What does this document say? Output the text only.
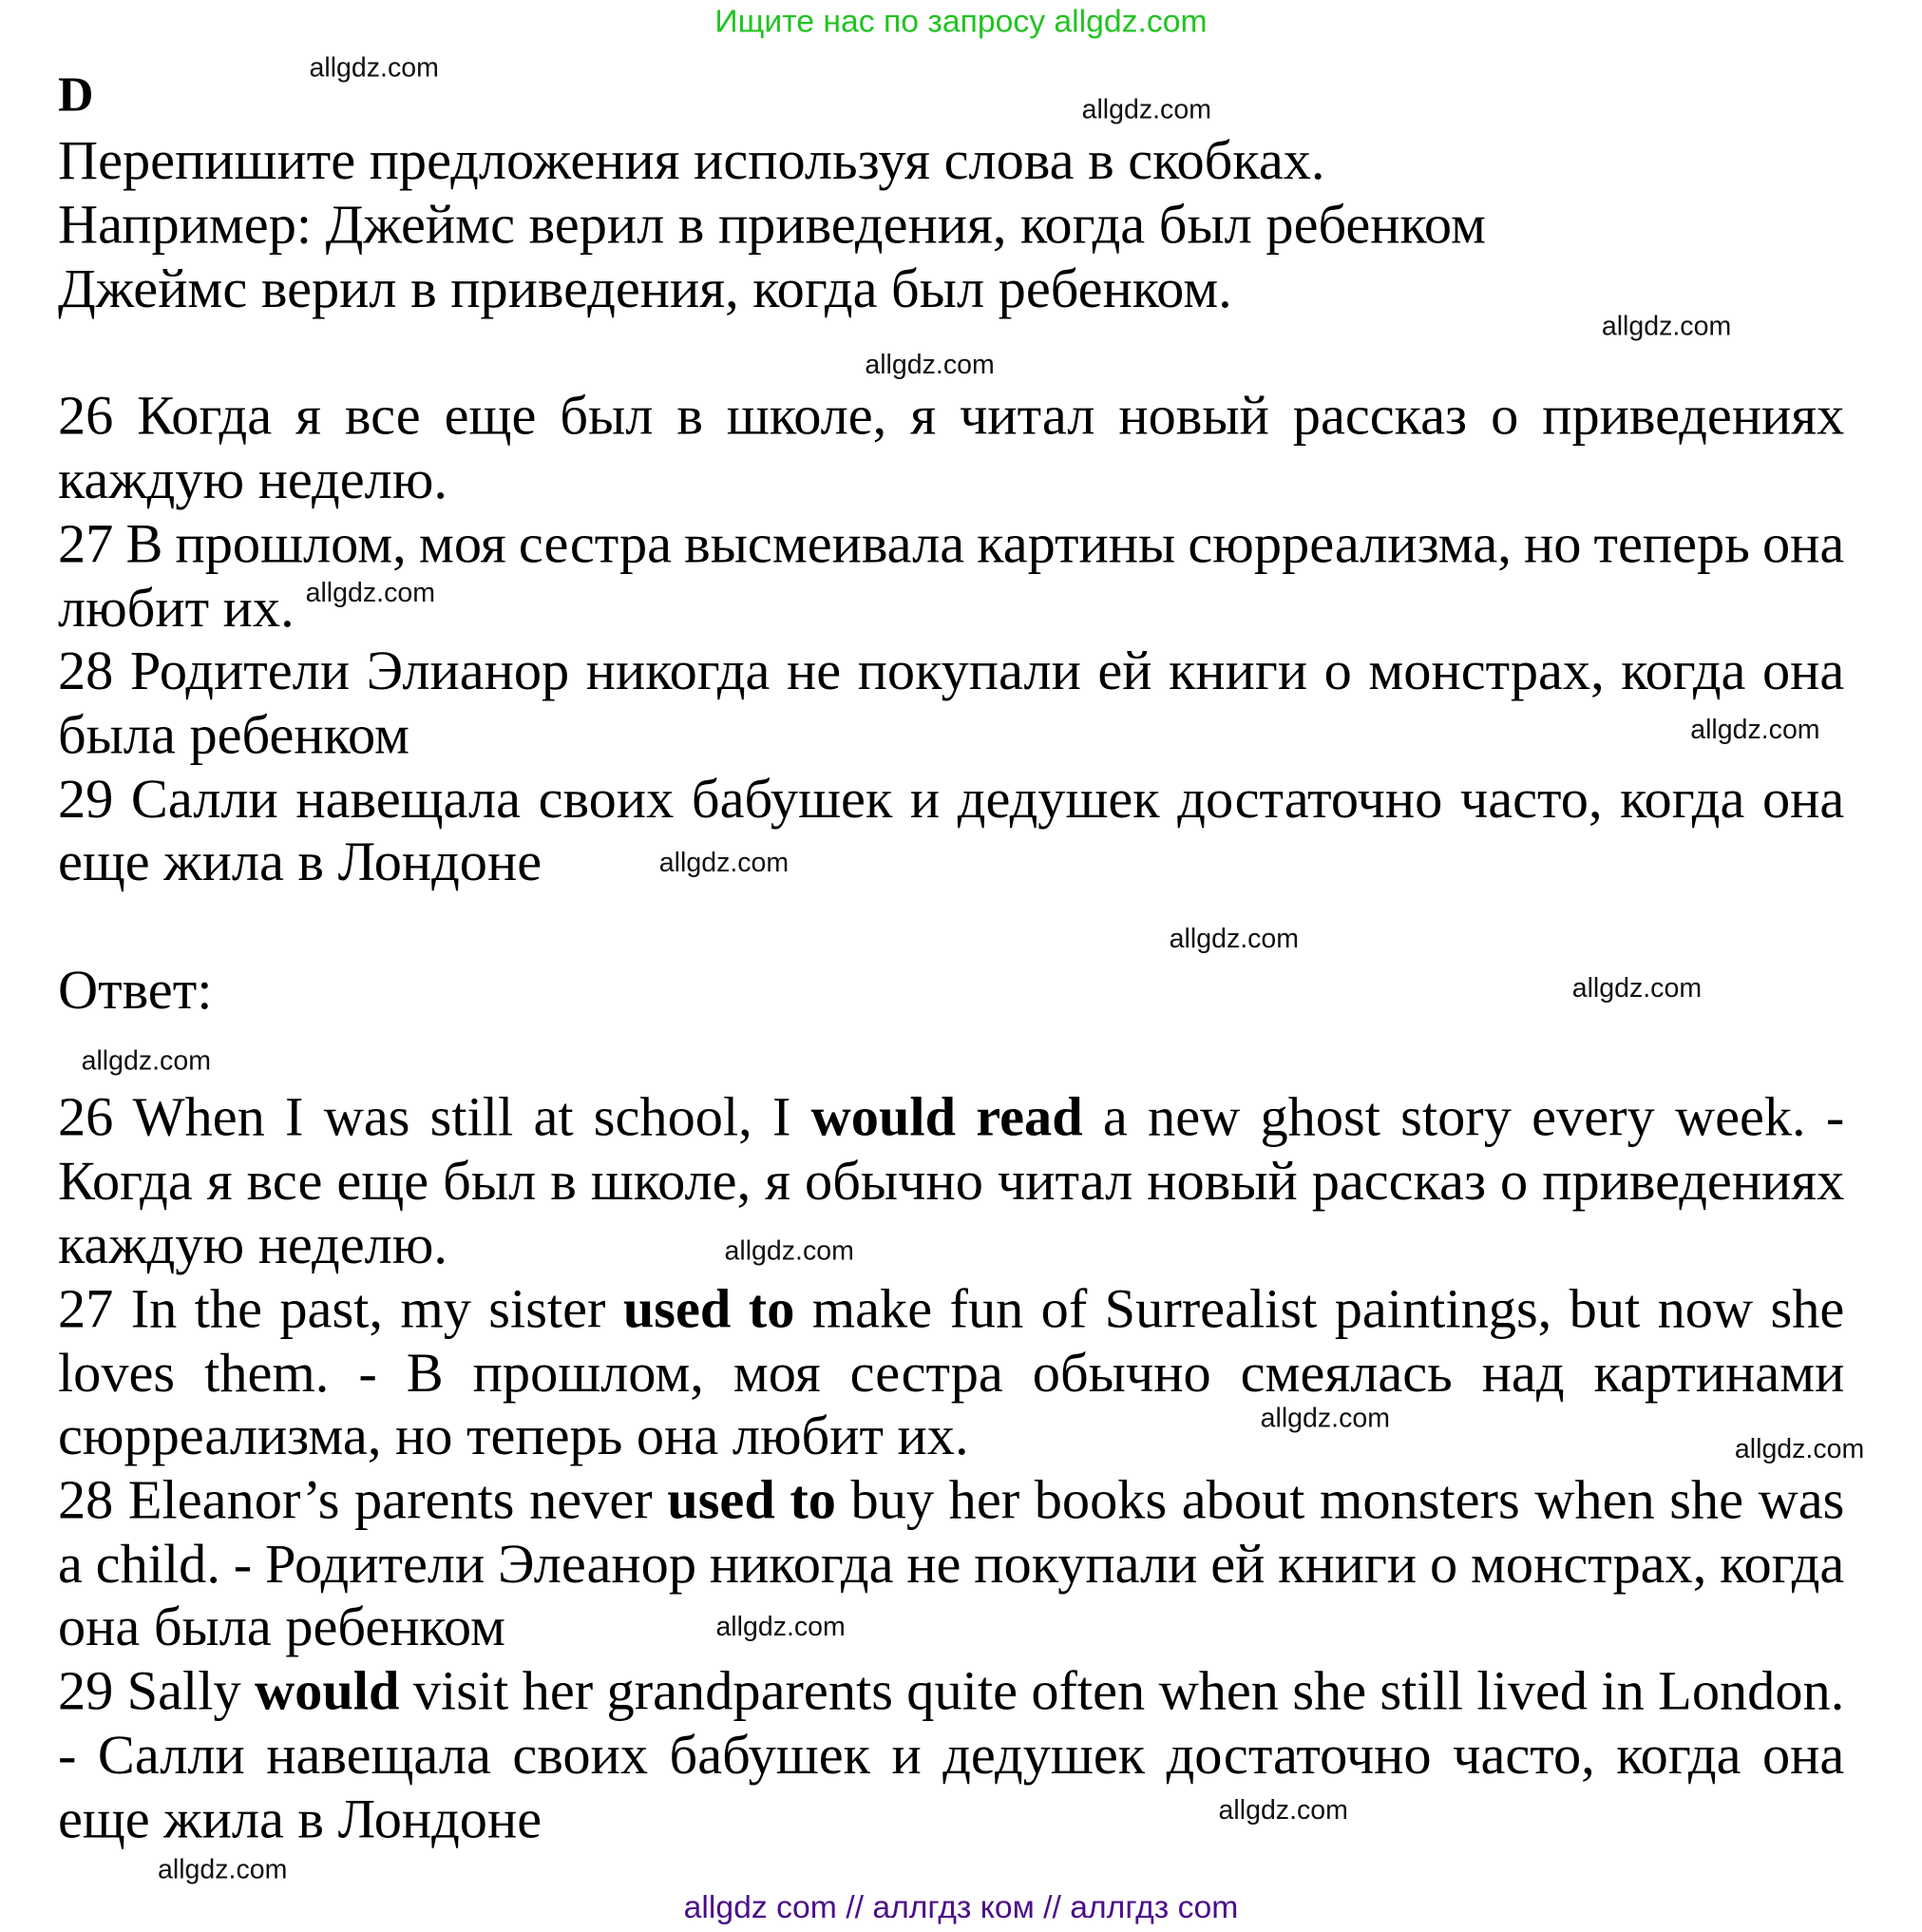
Ищите нас по запросу allgdz.com
D
Перепишите предложения используя слова в скобках.
Например: Джеймс верил в приведения, когда был ребенком
Джеймс верил в приведения, когда был ребенком.
26 Когда я все еще был в школе, я читал новый рассказ о приведениях
каждую неделю.
27 В прошлом, моя сестра высмеивала картины сюрреализма, но теперь она
любит их.
28 Родители Элианор никогда не покупали ей книги о монстрах, когда она
была ребенком
29 Салли навещала своих бабушек и дедушек достаточно часто, когда она
еще жила в Лондоне
26 When I was still at school, I would read a new ghost story every week. -
Когда я все еще был в школе, я обычно читал новый рассказ о приведениях
каждую неделю.
27 In the past, my sister used to make fun of Surrealist paintings, but now she
loves them. - В прошлом, моя сестра обычно смеялась над картинами
сюрреализма, но теперь она любит их.
28 Eleanor’s parents never used to buy her books about monsters when she was
a child. - Родители Элеанор никогда не покупали ей книги о монстрах, когда
она была ребенком
29 Sally would visit her grandparents quite often when she still lived in London.
- Салли навещала своих бабушек и дедушек достаточно часто, когда она
еще жила в Лондоне
Ответ:
allgdz.com
allgdz.com
allgdz.com
allgdz.com
allgdz.com
allgdz.com
allgdz.com
allgdz.com
allgdz.com
allgdz.com
allgdz.com
allgdz.com
allgdz.com
allgdz.com
allgdz.com
allgdz.com
allgdz com // аллгдз ком // аллгдз com
